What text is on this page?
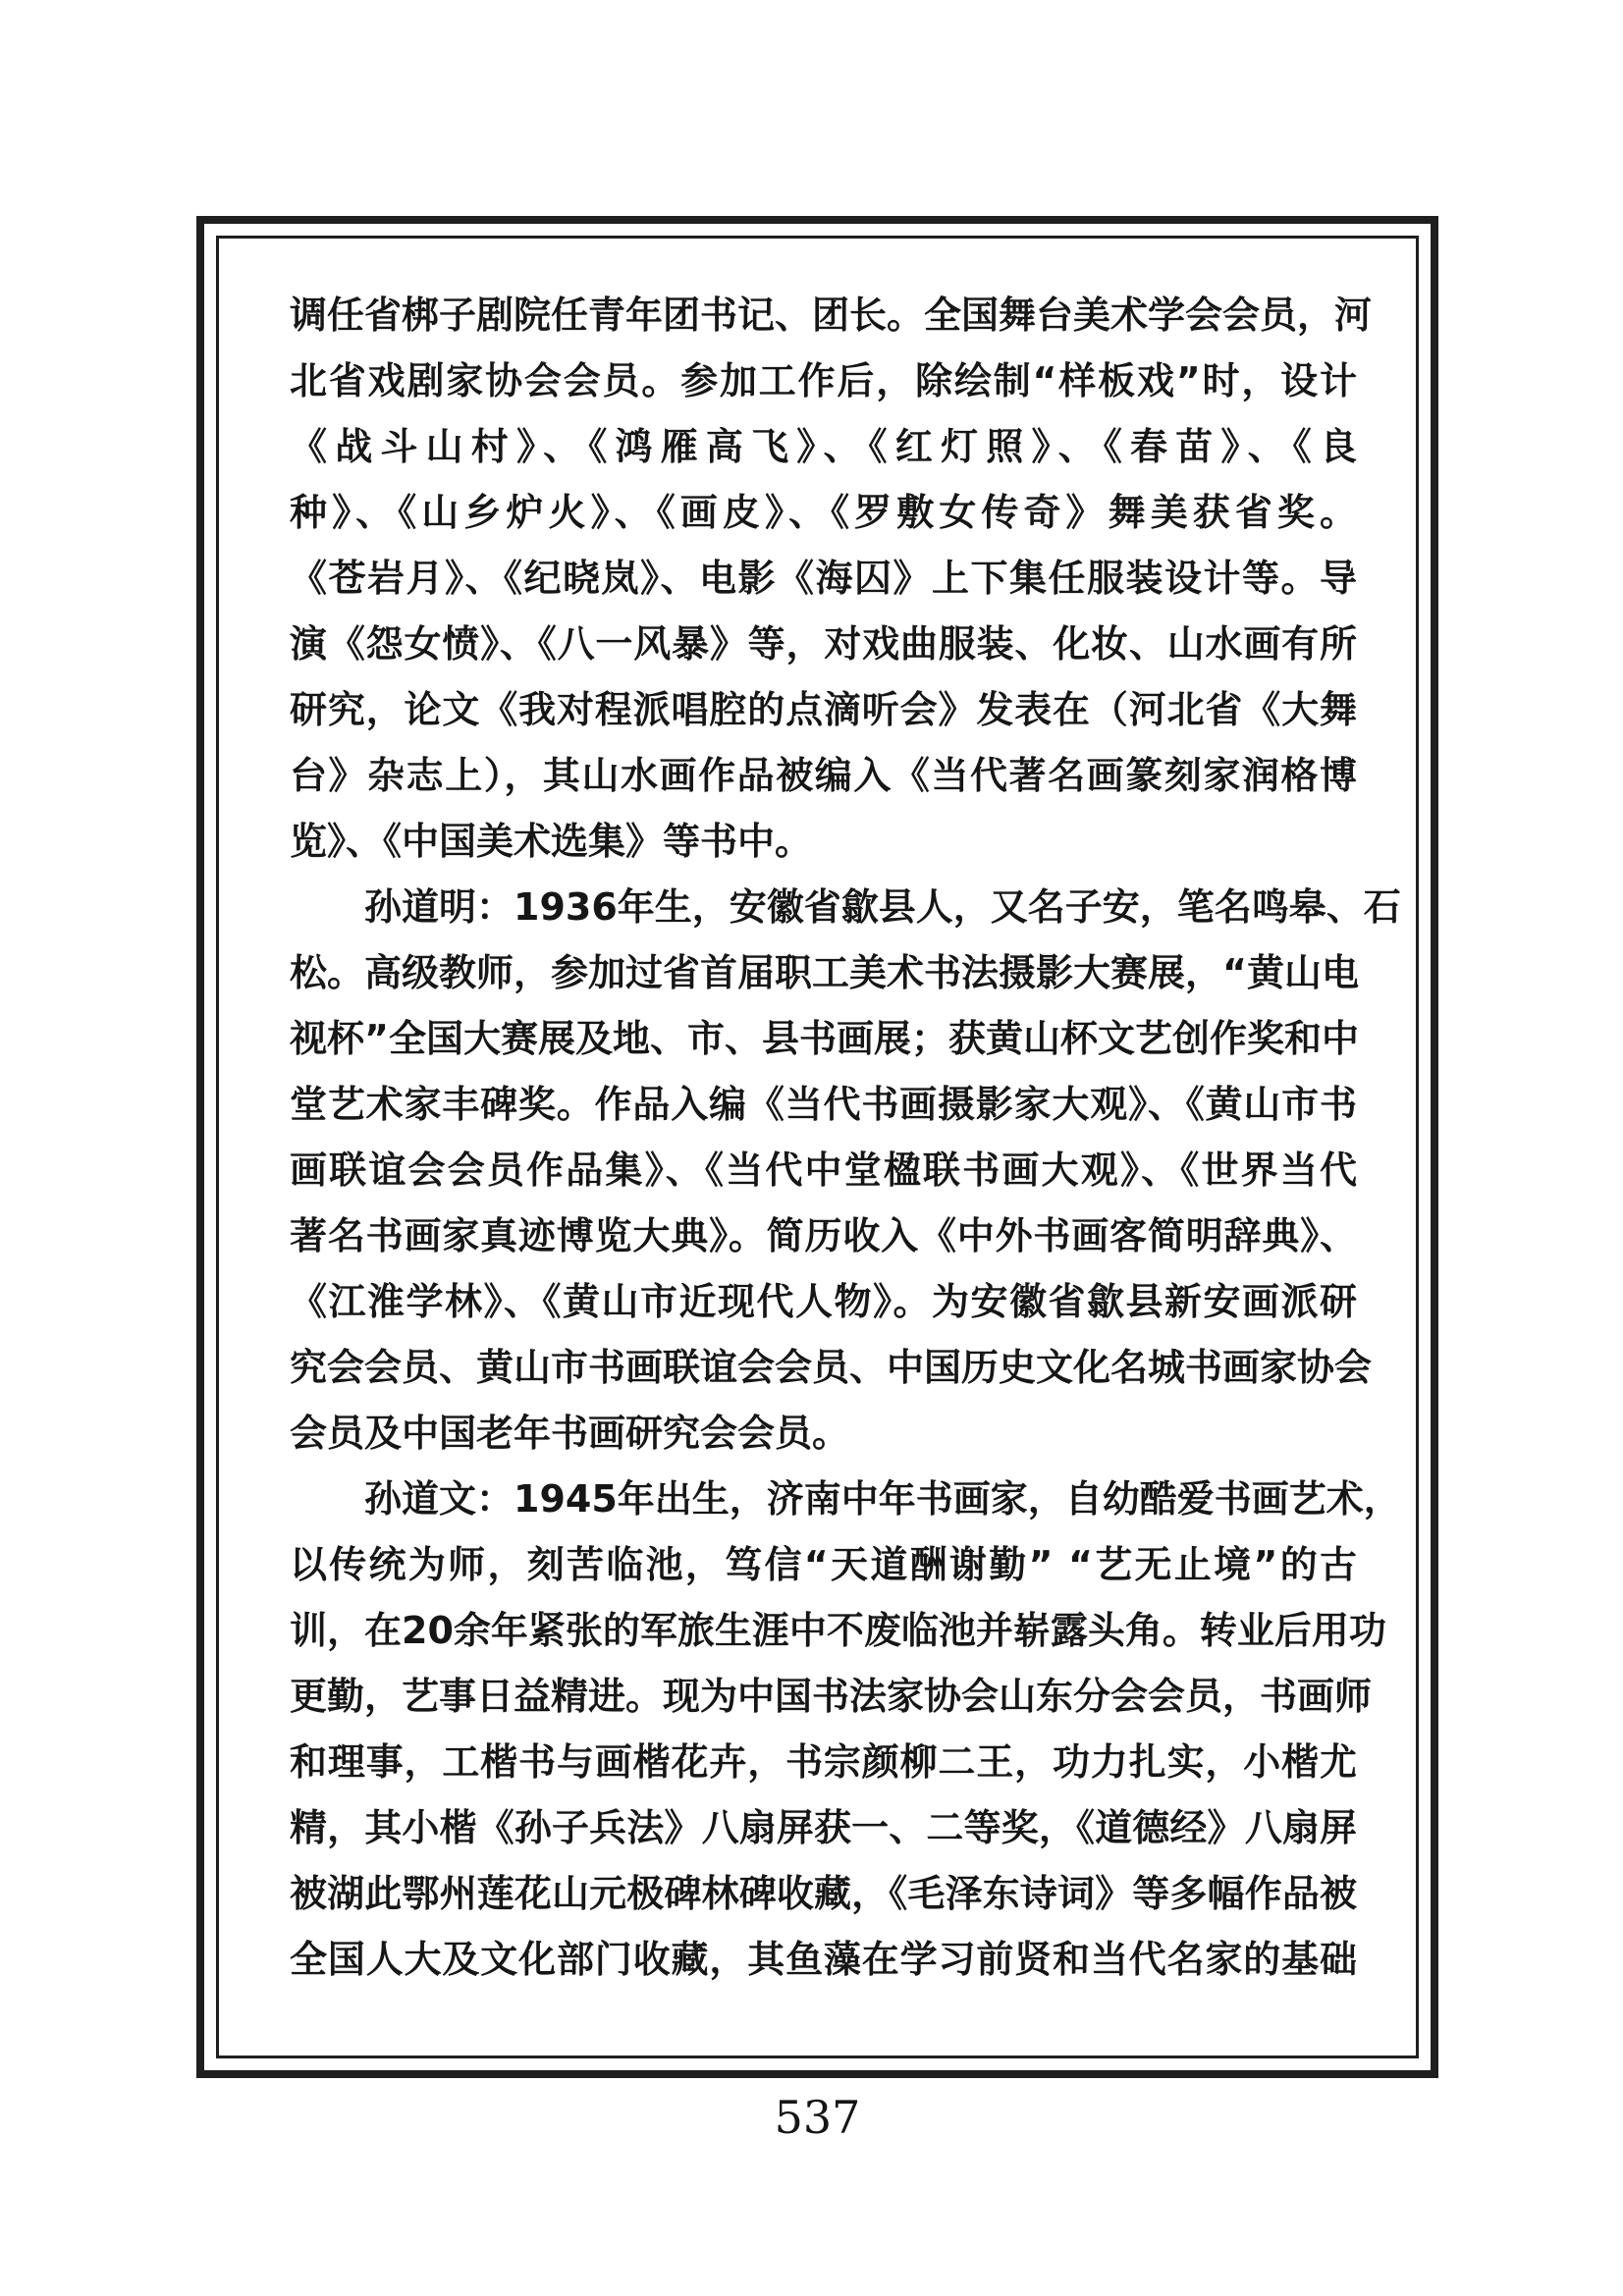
调任省梆子剧院任青年团书记、团长。全国舞台美术学会会员，河
北省戏剧家协会会员。参加工作后，除绘制“样板戏”时，设计
《战斗山村》、《鸿雁高飞》、《红灯照》、《春苗》、《良
种》、《山乡炉火》、《画皮》、《罗敷女传奇》舞美获省奖。
《苍岩月》、《纪晓岚》、电影《海囚》上下集任服装设计等。导
演《怨女愤》、《八一风暴》等，对戏曲服装、化妆、山水画有所
研究，论文《我对程派唱腔的点滴听会》发表在（河北省《大舞
台》杂志上），其山水画作品被编入《当代著名画篆刻家润格博
览》、《中国美术选集》等书中。
孙道明：1936年生，安徽省歙县人，又名子安，笔名鸣皋、石
松。高级教师，参加过省首届职工美术书法摄影大赛展，“黄山电
视杯”全国大赛展及地、市、县书画展；获黄山杯文艺创作奖和中
堂艺术家丰碑奖。作品入编《当代书画摄影家大观》、《黄山市书
画联谊会会员作品集》、《当代中堂楹联书画大观》、《世界当代
著名书画家真迹博览大典》。简历收入《中外书画客简明辞典》、
《江淮学林》、《黄山市近现代人物》。为安徽省歙县新安画派研
究会会员、黄山市书画联谊会会员、中国历史文化名城书画家协会
会员及中国老年书画研究会会员。
孙道文：1945年出生，济南中年书画家，自幼酷爱书画艺术，
以传统为师，刻苦临池，笃信“天道酬谢勤” “艺无止境”的古
训，在20余年紧张的军旅生涯中不废临池并崭露头角。转业后用功
更勤，艺事日益精进。现为中国书法家协会山东分会会员，书画师
和理事，工楷书与画楷花卉，书宗颜柳二王，功力扎实，小楷尤
精，其小楷《孙子兵法》八扇屏获一、二等奖，《道德经》八扇屏
被湖此鄂州莲花山元极碑林碑收藏，《毛泽东诗词》等多幅作品被
全国人大及文化部门收藏，其鱼藻在学习前贤和当代名家的基础
537
